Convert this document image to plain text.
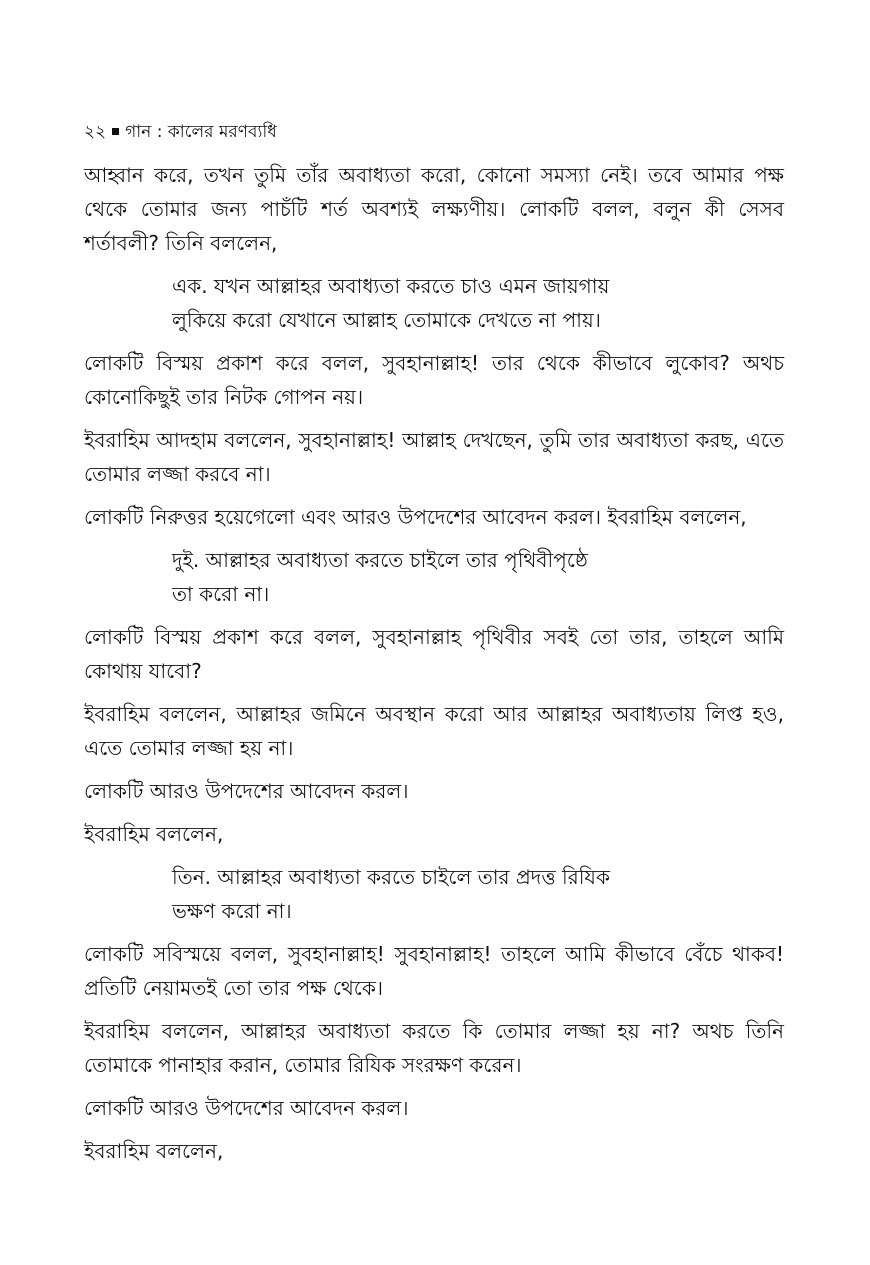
২২ গান : কালের মরণব্যধি

আহ্বান করে, তখন তুমি তাঁর অবাধ্যতা করো, কোনো সমস্যা নেই। তবে আমার পক্ষ থেকে তোমার জন্য পাচঁটি শর্ত অবশ্যই লক্ষ্যণীয়। লোকটি বলল, বলুন কী সেসব শর্তাবলী? তিনি বললেন,

এক. যখন আল্লাহর অবাধ্যতা করতে চাও এমন জায়গায়
লুকিয়ে করো যেখানে আল্লাহ তোমাকে দেখতে না পায়।

লোকটি বিস্ময় প্রকাশ করে বলল, সুবহানাল্লাহ! তার থেকে কীভাবে লুকোব? অথচ কোনোকিছুই তার নিটক গোপন নয়।

ইবরাহিম আদহাম বললেন, সুবহানাল্লাহ! আল্লাহ দেখছেন, তুমি তার অবাধ্যতা করছ, এতে তোমার লজ্জা করবে না।

লোকটি নিরুত্তর হয়েগেলো এবং আরও উপদেশের আবেদন করল। ইবরাহিম বললেন,

দুই. আল্লাহর অবাধ্যতা করতে চাইলে তার পৃথিবীপৃষ্ঠে
তা করো না।

লোকটি বিস্ময় প্রকাশ করে বলল, সুবহানাল্লাহ পৃথিবীর সবই তো তার, তাহলে আমি কোথায় যাবো?

ইবরাহিম বললেন, আল্লাহর জমিনে অবস্থান করো আর আল্লাহর অবাধ্যতায় লিপ্ত হও, এতে তোমার লজ্জা হয় না।

লোকটি আরও উপদেশের আবেদন করল।

ইবরাহিম বললেন,

তিন. আল্লাহর অবাধ্যতা করতে চাইলে তার প্রদত্ত রিযিক
ভক্ষণ করো না।

লোকটি সবিস্ময়ে বলল, সুবহানাল্লাহ! সুবহানাল্লাহ! তাহলে আমি কীভাবে বেঁচে থাকব! প্রতিটি নেয়ামতই তো তার পক্ষ থেকে।

ইবরাহিম বললেন, আল্লাহর অবাধ্যতা করতে কি তোমার লজ্জা হয় না? অথচ তিনি তোমাকে পানাহার করান, তোমার রিযিক সংরক্ষণ করেন।

লোকটি আরও উপদেশের আবেদন করল।

ইবরাহিম বললেন,
